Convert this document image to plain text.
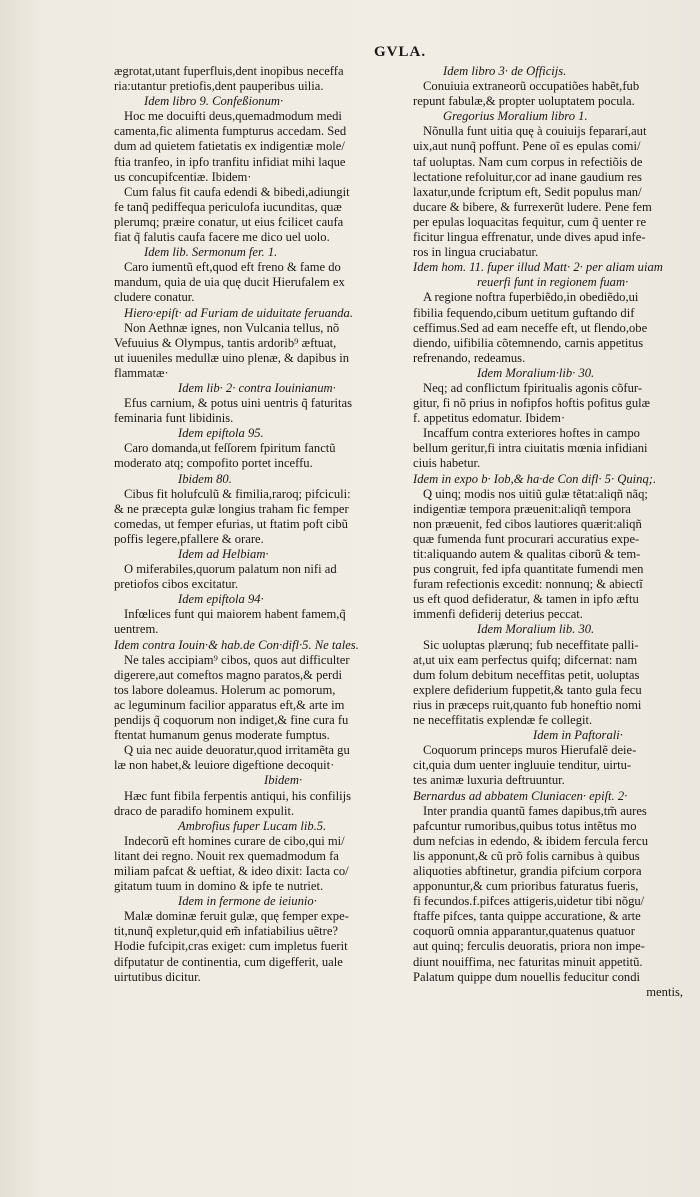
GVLA.
ægrotat,utant fuperfluis,dent inopibus neceffa
ria:utantur pretiofis,dent pauperibus uilia.
Idem libro 9. Confeßionum·
Hoc me docuifti deus,quemadmodum medi
camenta,fic alimenta fumpturus accedam. Sed
dum ad quietem fatietatis ex indigentiæ mole/
ftia tranfeo, in ipfo tranfitu infidiat mihi laque
us concupifcentiæ. Ibidem·
Cum falus fit caufa edendi & bibedi,adiungit
fe tanq̃ pediffequa periculofa iucunditas, quæ
plerumq; præire conatur, ut eius fcilicet caufa
fiat q̃ falutis caufa facere me dico uel uolo.
Idem lib. Sermonum fer. 1.
Caro iumentũ eft,quod eft freno & fame do
mandum, quia de uia quę ducit Hierufalem ex
cludere conatur.
Hiero·epiſt· ad Furiam de uiduitate feruanda.
Non Aethnæ ignes, non Vulcania tellus, nõ
Vefuuius & Olympus, tantis ardorib⁹ æftuat,
ut iuueniles medullæ uino plenæ, & dapibus in
flammatæ·
Idem lib· 2· contra Iouinianum·
Efus carnium, & potus uini uentris q̃ faturitas
feminaria funt libidinis.
Idem epiftola 95.
Caro domanda,ut feſſorem fpiritum fanctũ
moderato atq; compofito portet inceffu.
Ibidem 80.
Cibus fit holufculũ & fimilia,raroq; pifciculi:
& ne præcepta gulæ longius traham fic femper
comedas, ut femper efurias, ut ftatim poft cibũ
poffis legere,pfallere & orare.
Idem ad Helbiam·
O miferabiles,quorum palatum non nifi ad
pretiofos cibos excitatur.
Idem epiftola 94·
Infœlices funt qui maiorem habent famem,q̃
uentrem.
Idem contra Iouin·& hab.de Con·difl·5. Ne tales.
Ne tales accipiam⁹ cibos, quos aut difficulter
digerere,aut comeftos magno paratos,& perdi
tos labore doleamus. Holerum ac pomorum,
ac leguminum facilior apparatus eft,& arte im
pendijs q̃ coquorum non indiget,& fine cura fu
ftentat humanum genus moderate fumptus.
Q uia nec auide deuoratur,quod irritamẽta gu
læ non habet,& leuiore digeftione decoquit·
Ibidem·
Hæc funt fibila ferpentis antiqui, his confilijs
draco de paradifo hominem expulit.
Ambrofius fuper Lucam lib.5.
Indecorũ eft homines curare de cibo,qui mi/
litant dei regno. Nouit rex quemadmodum fa
miliam pafcat & ueftiat, & ideo dixit: Iacta co/
gitatum tuum in domino & ipfe te nutriet.
Idem in fermone de ieiunio·
Malæ dominæ feruit gulæ, quę femper expe-
tit,nunq̃ expletur,quid em̃ infatiabilius uẽtre?
Hodie fufcipit,cras exiget: cum impletus fuerit
difputatur de continentia, cum digefferit, uale
uirtutibus dicitur.
Idem libro 3· de Officijs.
Conuiuia extraneorũ occupatiões habẽt,fub
repunt fabulæ,& propter uoluptatem pocula.
Gregorius Moralium libro 1.
Nõnulla funt uitia quę à couiuijs fepararí,aut
uix,aut nunq̃ poffunt. Pene oĩ es epulas comi/
taf uoluptas. Nam cum corpus in refectiõis de
lectatione refoluitur,cor ad inane gaudium res
laxatur,unde fcriptum eft, Sedit populus man/
ducare & bibere, & furrexerũt ludere. Pene fem
per epulas loquacitas fequitur, cum q̃ uenter re
ficitur lingua effrenatur, unde dives apud infe-
ros in lingua cruciabatur.
Idem hom. 11. fuper illud Matt· 2· per aliam uiam
reuerfi funt in regionem fuam·
A regione noftra fuperbiẽdo,in obediẽdo,ui
fibilia fequendo,cibum uetitum guftando dif
ceffimus.Sed ad eam neceffe eft, ut flendo,obe
diendo, uifibilia cõtemnendo, carnis appetitus
refrenando, redeamus.
Idem Moralium·lib· 30.
Neq; ad conflictum fpiritualis agonis cõfur-
gitur, fi nõ prius in nofipfos hoftis pofitus gulæ
f. appetitus edomatur. Ibidem·
Incaffum contra exteriores hoftes in campo
bellum geritur,fi intra ciuitatis mœnia infidiani
ciuis habetur.
Idem in expo b· Iob,& ha·de Con difl· 5· Quinq;.
Q uinq; modis nos uitiũ gulæ tẽtat:aliqñ nãq;
indigentiæ tempora præuenit:aliqñ tempora
non præuenit, fed cibos lautiores quærit:aliqñ
quæ fumenda funt procurari accuratius expe-
tit:aliquando autem & qualitas ciborũ & tem-
pus congruit, fed ipfa quantitate fumendi men
furam refectionis excedit: nonnunq; & abiectĩ
us eft quod defideratur, & tamen in ipfo æftu
immenfi defiderij deterius peccat.
Idem Moralium lib. 30.
Sic uoluptas plærunq; fub neceffitate palli-
at,ut uix eam perfectus quifq; difcernat: nam
dum folum debitum neceffitas petit, uoluptas
explere defiderium fuppetit,& tanto gula fecu
rius in præceps ruit,quanto fub honeftio nomi
ne neceffitatis explendæ fe collegit.
Idem in Paftorali·
Coquorum princeps muros Hierufalẽ deie-
cit,quia dum uenter ingluuie tenditur, uirtu-
tes animæ luxuria deftruuntur.
Bernardus ad abbatem Cluniacen· epiſt. 2·
Inter prandia quantũ fames dapibus,tm̃ aures
pafcuntur rumoribus,quibus totus intẽtus mo
dum nefcias in edendo, & ibidem fercula fercu
lis apponunt,& cũ prõ folis carnibus à quibus
aliquoties abftinetur, grandia pifcium corpora
apponuntur,& cum prioribus faturatus fueris,
fi fecundos.f.pifces attigeris,uidetur tibi nõgu/
ftaffe pifces, tanta quippe accuratione, & arte
coquorũ omnia apparantur,quatenus quatuor
aut quinq; ferculis deuoratis, priora non impe-
diunt nouiffima, nec faturitas minuit appetitũ.
Palatum quippe dum nouellis feducitur condi
mentis,
